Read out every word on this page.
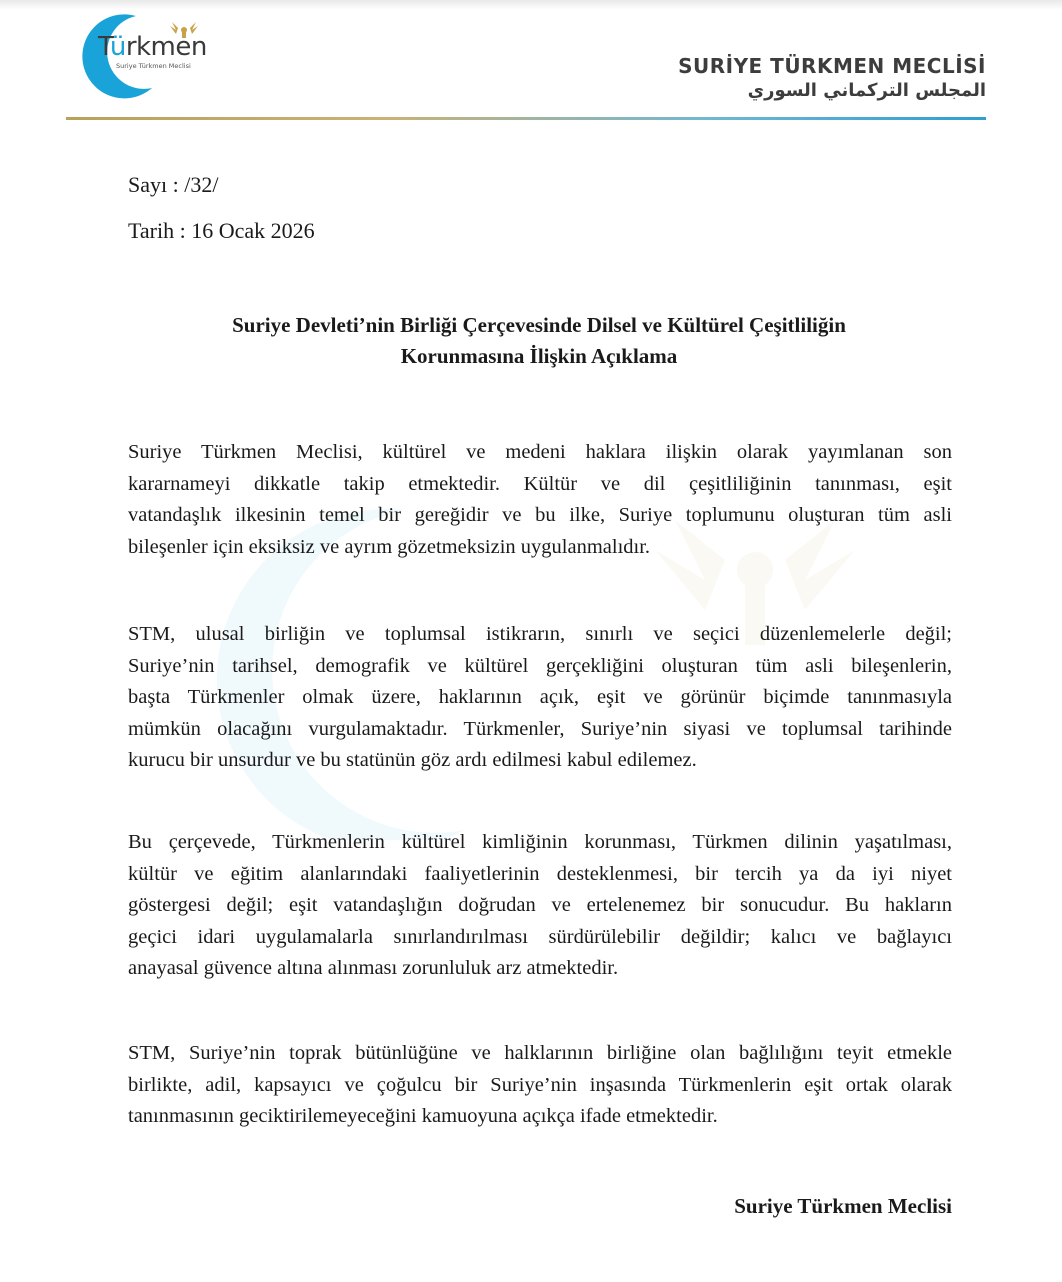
Türkmen
Suriye Türkmen Meclisi	SURİYE TÜRKMEN MECLİSİ
المجلس التركماني السوري
Sayı : /32/
Tarih : 16 Ocak 2026
Suriye Devleti’nin Birliği Çerçevesinde Dilsel ve Kültürel Çeşitliliğin
Korunmasına İlişkin Açıklama
Suriye Türkmen Meclisi, kültürel ve medeni haklara ilişkin olarak yayımlanan son
kararnameyi dikkatle takip etmektedir. Kültür ve dil çeşitliliğinin tanınması, eşit
vatandaşlık ilkesinin temel bir gereğidir ve bu ilke, Suriye toplumunu oluşturan tüm asli
bileşenler için eksiksiz ve ayrım gözetmeksizin uygulanmalıdır.
STM, ulusal birliğin ve toplumsal istikrarın, sınırlı ve seçici düzenlemelerle değil;
Suriye’nin tarihsel, demografik ve kültürel gerçekliğini oluşturan tüm asli bileşenlerin,
başta Türkmenler olmak üzere, haklarının açık, eşit ve görünür biçimde tanınmasıyla
mümkün olacağını vurgulamaktadır. Türkmenler, Suriye’nin siyasi ve toplumsal tarihinde
kurucu bir unsurdur ve bu statünün göz ardı edilmesi kabul edilemez.
Bu çerçevede, Türkmenlerin kültürel kimliğinin korunması, Türkmen dilinin yaşatılması,
kültür ve eğitim alanlarındaki faaliyetlerinin desteklenmesi, bir tercih ya da iyi niyet
göstergesi değil; eşit vatandaşlığın doğrudan ve ertelenemez bir sonucudur. Bu hakların
geçici idari uygulamalarla sınırlandırılması sürdürülebilir değildir; kalıcı ve bağlayıcı
anayasal güvence altına alınması zorunluluk arz atmektedir.
STM, Suriye’nin toprak bütünlüğüne ve halklarının birliğine olan bağlılığını teyit etmekle
birlikte, adil, kapsayıcı ve çoğulcu bir Suriye’nin inşasında Türkmenlerin eşit ortak olarak
tanınmasının geciktirilemeyeceğini kamuoyuna açıkça ifade etmektedir.
Suriye Türkmen Meclisi
